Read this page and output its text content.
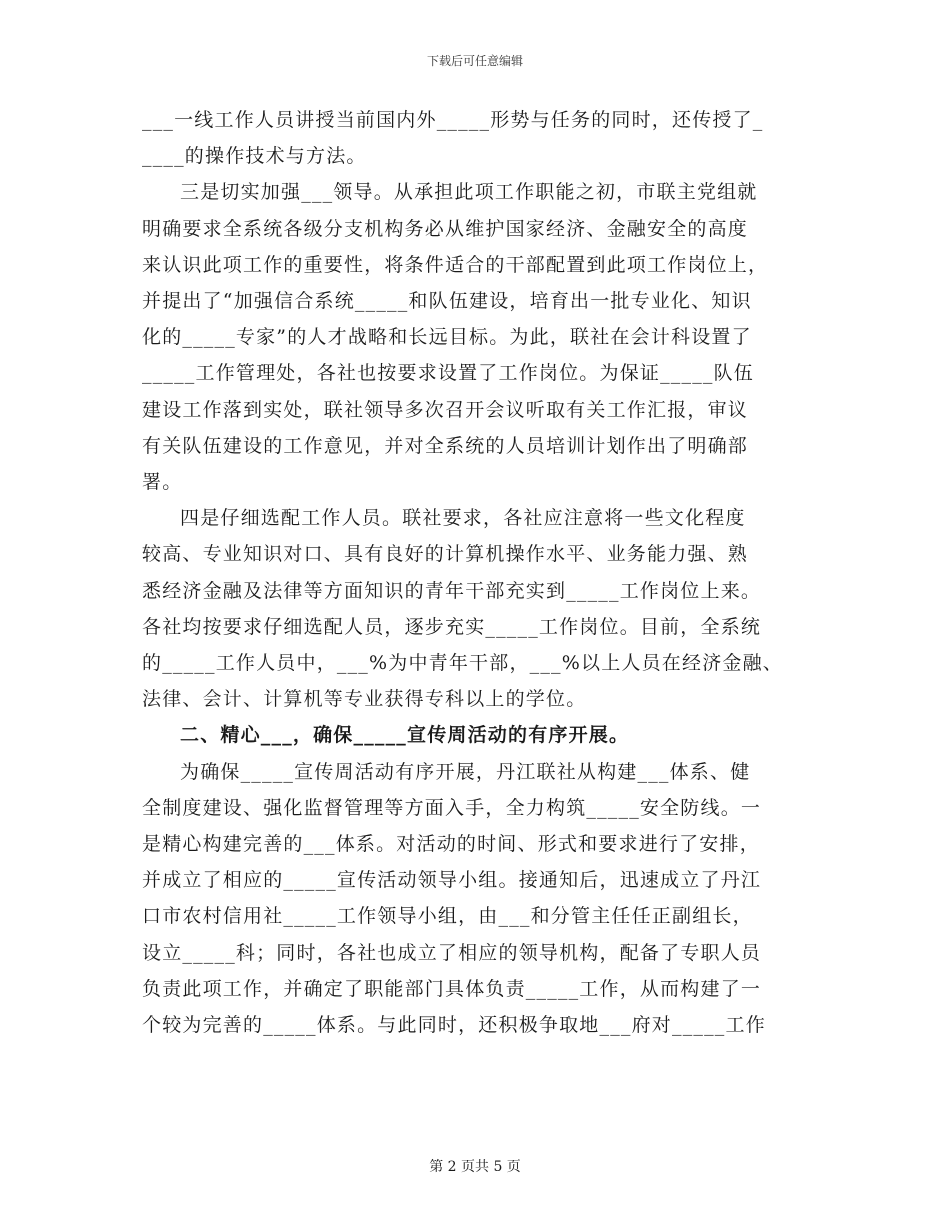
下载后可任意编辑

___一线工作人员讲授当前国内外_____形势与任务的同时，还传授了_
____的操作技术与方法。

三是切实加强___领导。从承担此项工作职能之初，市联主党组就
明确要求全系统各级分支机构务必从维护国家经济、金融安全的高度
来认识此项工作的重要性，将条件适合的干部配置到此项工作岗位上，
并提出了“加强信合系统_____和队伍建设，培育出一批专业化、知识
化的_____专家”的人才战略和长远目标。为此，联社在会计科设置了
_____工作管理处，各社也按要求设置了工作岗位。为保证_____队伍
建设工作落到实处，联社领导多次召开会议听取有关工作汇报，审议
有关队伍建设的工作意见，并对全系统的人员培训计划作出了明确部
署。

四是仔细选配工作人员。联社要求，各社应注意将一些文化程度
较高、专业知识对口、具有良好的计算机操作水平、业务能力强、熟
悉经济金融及法律等方面知识的青年干部充实到_____工作岗位上来。
各社均按要求仔细选配人员，逐步充实_____工作岗位。目前，全系统
的_____工作人员中，___%为中青年干部，___%以上人员在经济金融、
法律、会计、计算机等专业获得专科以上的学位。

二、精心___，确保_____宣传周活动的有序开展。

为确保_____宣传周活动有序开展，丹江联社从构建___体系、健
全制度建设、强化监督管理等方面入手，全力构筑_____安全防线。一
是精心构建完善的___体系。对活动的时间、形式和要求进行了安排，
并成立了相应的_____宣传活动领导小组。接通知后，迅速成立了丹江
口市农村信用社_____工作领导小组，由___和分管主任任正副组长，
设立_____科；同时，各社也成立了相应的领导机构，配备了专职人员
负责此项工作，并确定了职能部门具体负责_____工作，从而构建了一
个较为完善的_____体系。与此同时，还积极争取地___府对_____工作

第 2 页共 5 页
